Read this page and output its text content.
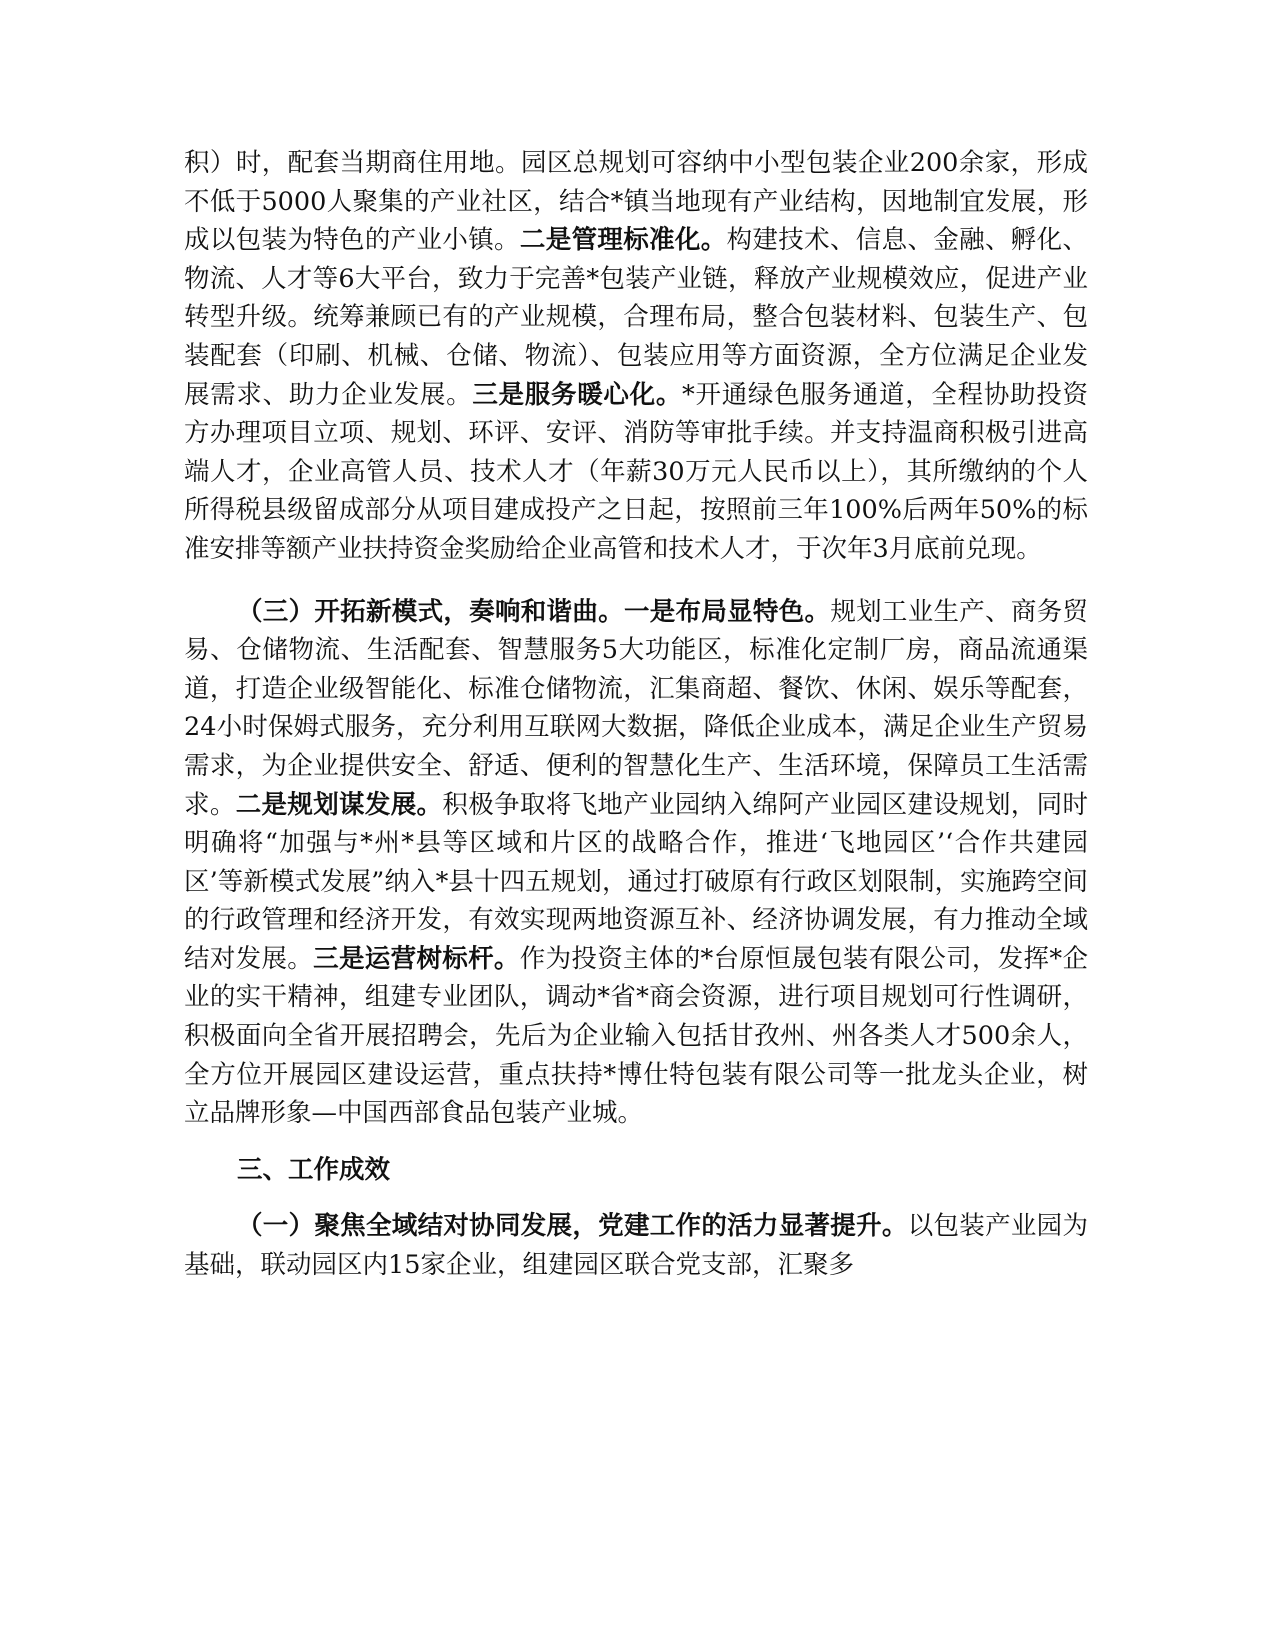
积）时，配套当期商住用地。园区总规划可容纳中小型包装企业200余家，形成不低于5000人聚集的产业社区，结合*镇当地现有产业结构，因地制宜发展，形成以包装为特色的产业小镇。二是管理标准化。构建技术、信息、金融、孵化、物流、人才等6大平台，致力于完善*包装产业链，释放产业规模效应，促进产业转型升级。统筹兼顾已有的产业规模，合理布局，整合包装材料、包装生产、包装配套（印刷、机械、仓储、物流）、包装应用等方面资源，全方位满足企业发展需求、助力企业发展。三是服务暖心化。*开通绿色服务通道，全程协助投资方办理项目立项、规划、环评、安评、消防等审批手续。并支持温商积极引进高端人才，企业高管人员、技术人才（年薪30万元人民币以上），其所缴纳的个人所得税县级留成部分从项目建成投产之日起，按照前三年100%后两年50%的标准安排等额产业扶持资金奖励给企业高管和技术人才，于次年3月底前兑现。

（三）开拓新模式，奏响和谐曲。一是布局显特色。规划工业生产、商务贸易、仓储物流、生活配套、智慧服务5大功能区，标准化定制厂房，商品流通渠道，打造企业级智能化、标准仓储物流，汇集商超、餐饮、休闲、娱乐等配套，24小时保姆式服务，充分利用互联网大数据，降低企业成本，满足企业生产贸易需求，为企业提供安全、舒适、便利的智慧化生产、生活环境，保障员工生活需求。二是规划谋发展。积极争取将飞地产业园纳入绵阿产业园区建设规划，同时明确将“加强与*州*县等区域和片区的战略合作，推进‘飞地园区’‘合作共建园区’等新模式发展”纳入*县十四五规划，通过打破原有行政区划限制，实施跨空间的行政管理和经济开发，有效实现两地资源互补、经济协调发展，有力推动全域结对发展。三是运营树标杆。作为投资主体的*台原恒晟包装有限公司，发挥*企业的实干精神，组建专业团队，调动*省*商会资源，进行项目规划可行性调研，积极面向全省开展招聘会，先后为企业输入包括甘孜州、州各类人才500余人，全方位开展园区建设运营，重点扶持*博仕特包装有限公司等一批龙头企业，树立品牌形象—中国西部食品包装产业城。

三、工作成效

（一）聚焦全域结对协同发展，党建工作的活力显著提升。以包装产业园为基础，联动园区内15家企业，组建园区联合党支部，汇聚多
